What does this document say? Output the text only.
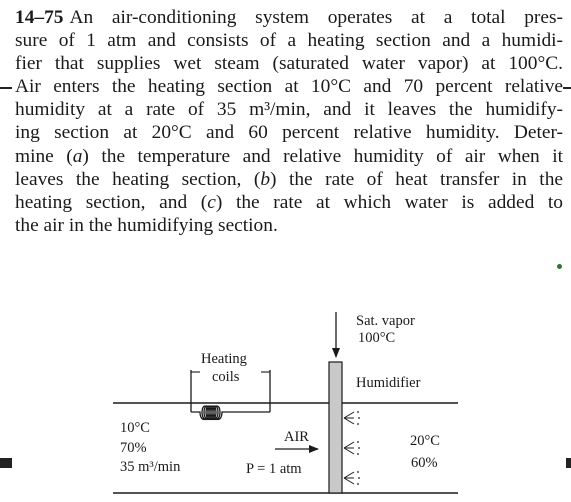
14–75 An air-conditioning system operates at a total pres-
sure of 1 atm and consists of a heating section and a humidi-
fier that supplies wet steam (saturated water vapor) at 100°C.
Air enters the heating section at 10°C and 70 percent relative
humidity at a rate of 35 m³/min, and it leaves the humidify-
ing section at 20°C and 60 percent relative humidity. Deter-
mine (a) the temperature and relative humidity of air when it
leaves the heating section, (b) the rate of heat transfer in the
heating section, and (c) the rate at which water is added to
the air in the humidifying section.
Sat. vapor
100°C
Heating
coils	Humidifier
10°C
70%
35 m³/min
AIR
P = 1 atm
20°C
60%
